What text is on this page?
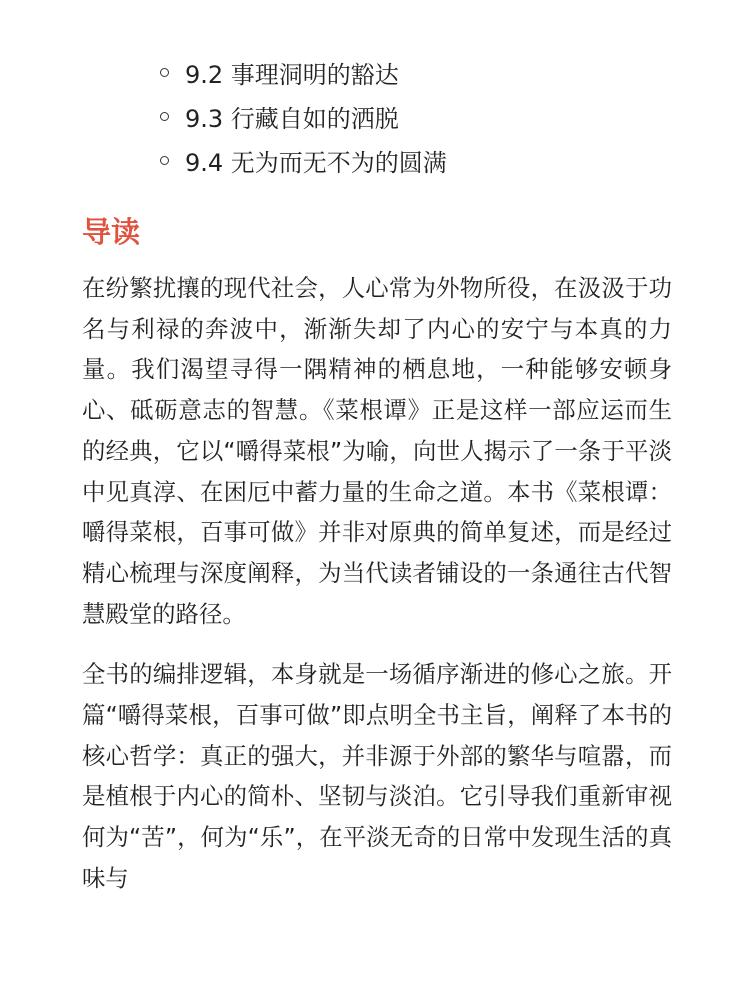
9.2 事理洞明的豁达
9.3 行藏自如的洒脱
9.4 无为而无不为的圆满
导读

在纷繁扰攘的现代社会，人心常为外物所役，在汲汲于功名与利禄的奔波中，渐渐失却了内心的安宁与本真的力量。我们渴望寻得一隅精神的栖息地，一种能够安顿身心、砥砺意志的智慧。《菜根谭》正是这样一部应运而生的经典，它以“嚼得菜根”为喻，向世人揭示了一条于平淡中见真淳、在困厄中蓄力量的生命之道。本书《菜根谭：嚼得菜根，百事可做》并非对原典的简单复述，而是经过精心梳理与深度阐释，为当代读者铺设的一条通往古代智慧殿堂的路径。

全书的编排逻辑，本身就是一场循序渐进的修心之旅。开篇“嚼得菜根，百事可做”即点明全书主旨，阐释了本书的核心哲学：真正的强大，并非源于外部的繁华与喧嚣，而是植根于内心的简朴、坚韧与淡泊。它引导我们重新审视何为“苦”，何为“乐”，在平淡无奇的日常中发现生活的真味与
